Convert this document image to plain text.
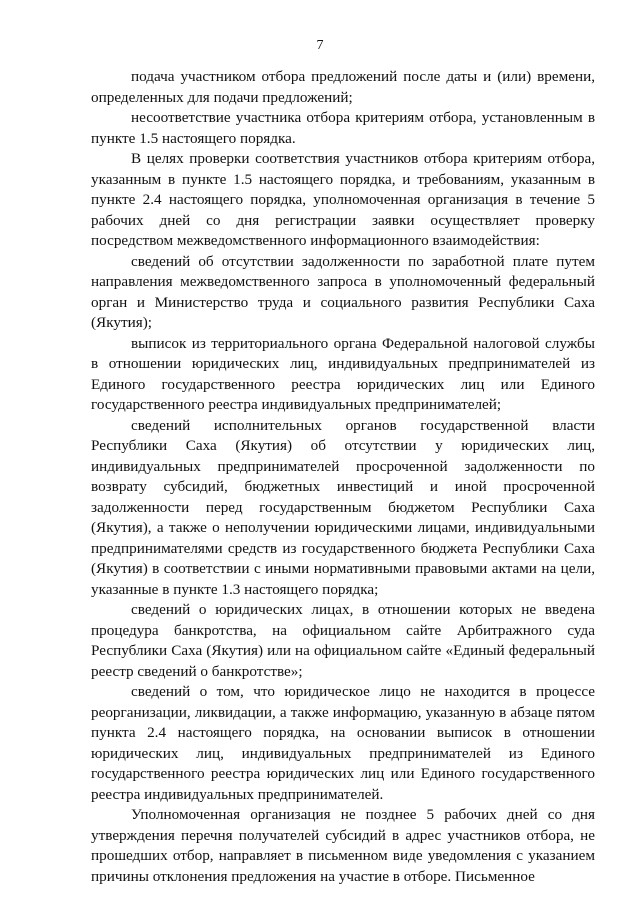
7

подача участником отбора предложений после даты и (или) времени, определенных для подачи предложений;

несоответствие участника отбора критериям отбора, установленным в пункте 1.5 настоящего порядка.

В целях проверки соответствия участников отбора критериям отбора, указанным в пункте 1.5 настоящего порядка, и требованиям, указанным в пункте 2.4 настоящего порядка, уполномоченная организация в течение 5 рабочих дней со дня регистрации заявки осуществляет проверку посредством межведомственного информационного взаимодействия:

сведений об отсутствии задолженности по заработной плате путем направления межведомственного запроса в уполномоченный федеральный орган и Министерство труда и социального развития Республики Саха (Якутия);

выписок из территориального органа Федеральной налоговой службы в отношении юридических лиц, индивидуальных предпринимателей из Единого государственного реестра юридических лиц или Единого государственного реестра индивидуальных предпринимателей;

сведений исполнительных органов государственной власти Республики Саха (Якутия) об отсутствии у юридических лиц, индивидуальных предпринимателей просроченной задолженности по возврату субсидий, бюджетных инвестиций и иной просроченной задолженности перед государственным бюджетом Республики Саха (Якутия), а также о неполучении юридическими лицами, индивидуальными предпринимателями средств из государственного бюджета Республики Саха (Якутия) в соответствии с иными нормативными правовыми актами на цели, указанные в пункте 1.3 настоящего порядка;

сведений о юридических лицах, в отношении которых не введена процедура банкротства, на официальном сайте Арбитражного суда Республики Саха (Якутия) или на официальном сайте «Единый федеральный реестр сведений о банкротстве»;

сведений о том, что юридическое лицо не находится в процессе реорганизации, ликвидации, а также информацию, указанную в абзаце пятом пункта 2.4 настоящего порядка, на основании выписок в отношении юридических лиц, индивидуальных предпринимателей из Единого государственного реестра юридических лиц или Единого государственного реестра индивидуальных предпринимателей.

Уполномоченная организация не позднее 5 рабочих дней со дня утверждения перечня получателей субсидий в адрес участников отбора, не прошедших отбор, направляет в письменном виде уведомления с указанием причины отклонения предложения на участие в отборе. Письменное
